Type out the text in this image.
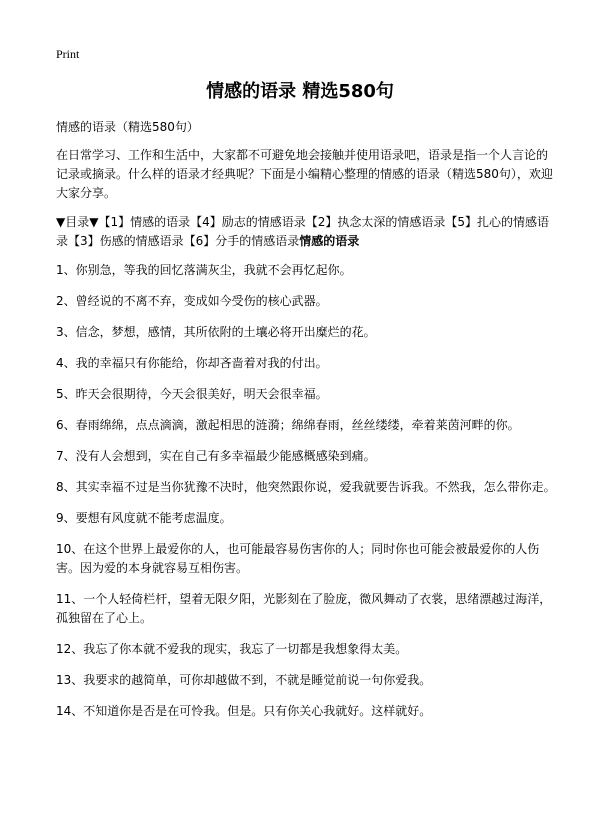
Print
情感的语录 精选580句

情感的语录（精选580句）

在日常学习、工作和生活中，大家都不可避免地会接触并使用语录吧，语录是指一个人言论的记录或摘录。什么样的语录才经典呢？下面是小编精心整理的情感的语录（精选580句），欢迎大家分享。

▼目录▼【1】情感的语录【4】励志的情感语录【2】执念太深的情感语录【5】扎心的情感语录【3】伤感的情感语录【6】分手的情感语录情感的语录

1、你别急，等我的回忆落满灰尘，我就不会再忆起你。

2、曾经说的不离不弃，变成如今受伤的核心武器。

3、信念，梦想，感情，其所依附的土壤必将开出糜烂的花。

4、我的幸福只有你能给，你却吝啬着对我的付出。

5、昨天会很期待，今天会很美好，明天会很幸福。

6、春雨绵绵，点点滴滴，激起相思的涟漪；绵绵春雨，丝丝缕缕，牵着莱茵河畔的你。

7、没有人会想到，实在自己有多幸福最少能感概感染到痛。

8、其实幸福不过是当你犹豫不决时，他突然跟你说，爱我就要告诉我。不然我，怎么带你走。

9、要想有风度就不能考虑温度。

10、在这个世界上最爱你的人，也可能最容易伤害你的人；同时你也可能会被最爱你的人伤害。因为爱的本身就容易互相伤害。

11、一个人轻倚栏杆，望着无限夕阳，光影刻在了脸庞，微风舞动了衣裳，思绪漂越过海洋，孤独留在了心上。

12、我忘了你本就不爱我的现实，我忘了一切都是我想象得太美。

13、我要求的越简单，可你却越做不到，不就是睡觉前说一句你爱我。

14、不知道你是否是在可怜我。但是。只有你关心我就好。这样就好。
